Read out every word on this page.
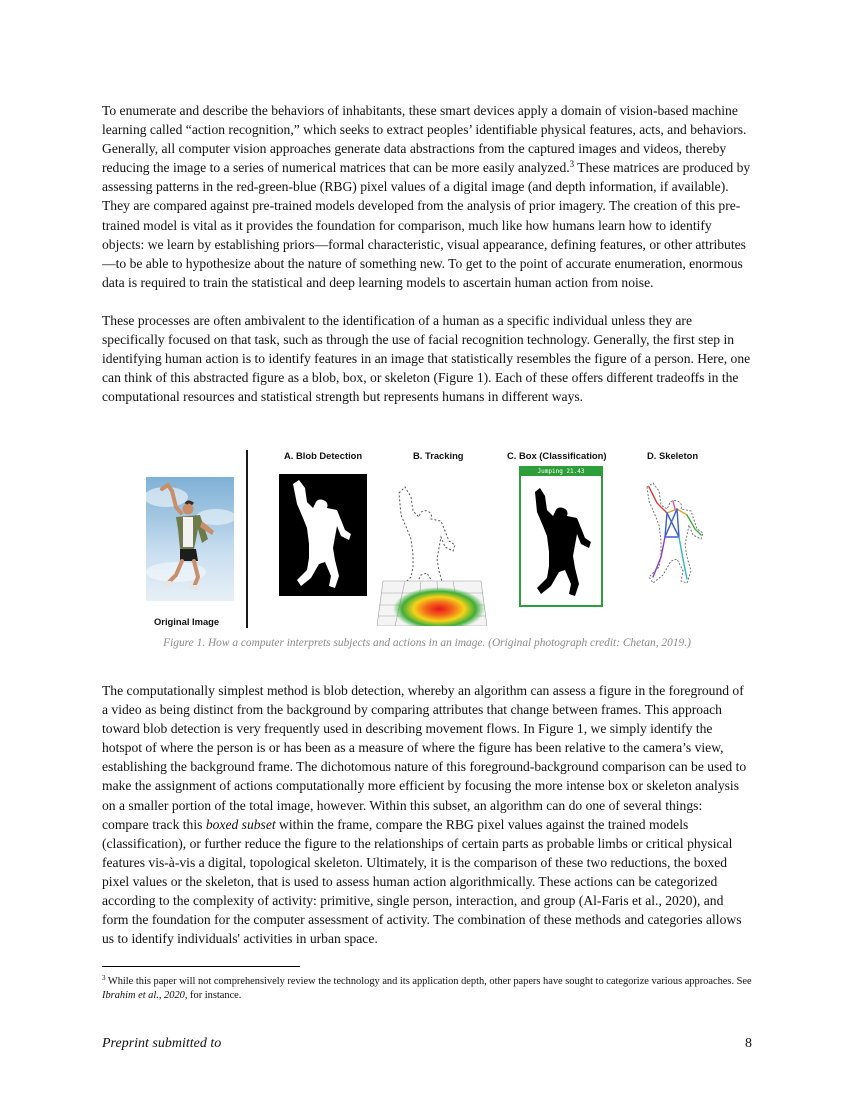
To enumerate and describe the behaviors of inhabitants, these smart devices apply a domain of vision-based machine learning called “action recognition,” which seeks to extract peoples’ identifiable physical features, acts, and behaviors. Generally, all computer vision approaches generate data abstractions from the captured images and videos, thereby reducing the image to a series of numerical matrices that can be more easily analyzed.$^3$ These matrices are produced by assessing patterns in the red-green-blue (RBG) pixel values of a digital image (and depth information, if available). They are compared against pre-trained models developed from the analysis of prior imagery. The creation of this pre-trained model is vital as it provides the foundation for comparison, much like how humans learn how to identify objects: we learn by establishing priors—formal characteristic, visual appearance, defining features, or other attributes—to be able to hypothesize about the nature of something new. To get to the point of accurate enumeration, enormous data is required to train the statistical and deep learning models to ascertain human action from noise.

These processes are often ambivalent to the identification of a human as a specific individual unless they are specifically focused on that task, such as through the use of facial recognition technology. Generally, the first step in identifying human action is to identify features in an image that statistically resembles the figure of a person. Here, one can think of this abstracted figure as a blob, box, or skeleton (Figure 1). Each of these offers different tradeoffs in the computational resources and statistical strength but represents humans in different ways.

A. Blob Detection	B. Tracking	C. Box (Classification)	D. Skeleton
Original Image
Jumping 21.43
Figure 1. How a computer interprets subjects and actions in an image. (Original photograph credit: Chetan, 2019.)

The computationally simplest method is blob detection, whereby an algorithm can assess a figure in the foreground of a video as being distinct from the background by comparing attributes that change between frames. This approach toward blob detection is very frequently used in describing movement flows. In Figure 1, we simply identify the hotspot of where the person is or has been as a measure of where the figure has been relative to the camera’s view, establishing the background frame. The dichotomous nature of this foreground-background comparison can be used to make the assignment of actions computationally more efficient by focusing the more intense box or skeleton analysis on a smaller portion of the total image, however. Within this subset, an algorithm can do one of several things: compare track this boxed subset within the frame, compare the RBG pixel values against the trained models (classification), or further reduce the figure to the relationships of certain parts as probable limbs or critical physical features vis-à-vis a digital, topological skeleton. Ultimately, it is the comparison of these two reductions, the boxed pixel values or the skeleton, that is used to assess human action algorithmically. These actions can be categorized according to the complexity of activity: primitive, single person, interaction, and group (Al-Faris et al., 2020), and form the foundation for the computer assessment of activity. The combination of these methods and categories allows us to identify individuals' activities in urban space.

$^3$ While this paper will not comprehensively review the technology and its application depth, other papers have sought to categorize various approaches. See Ibrahim et al., 2020, for instance.
Preprint submitted to	8
